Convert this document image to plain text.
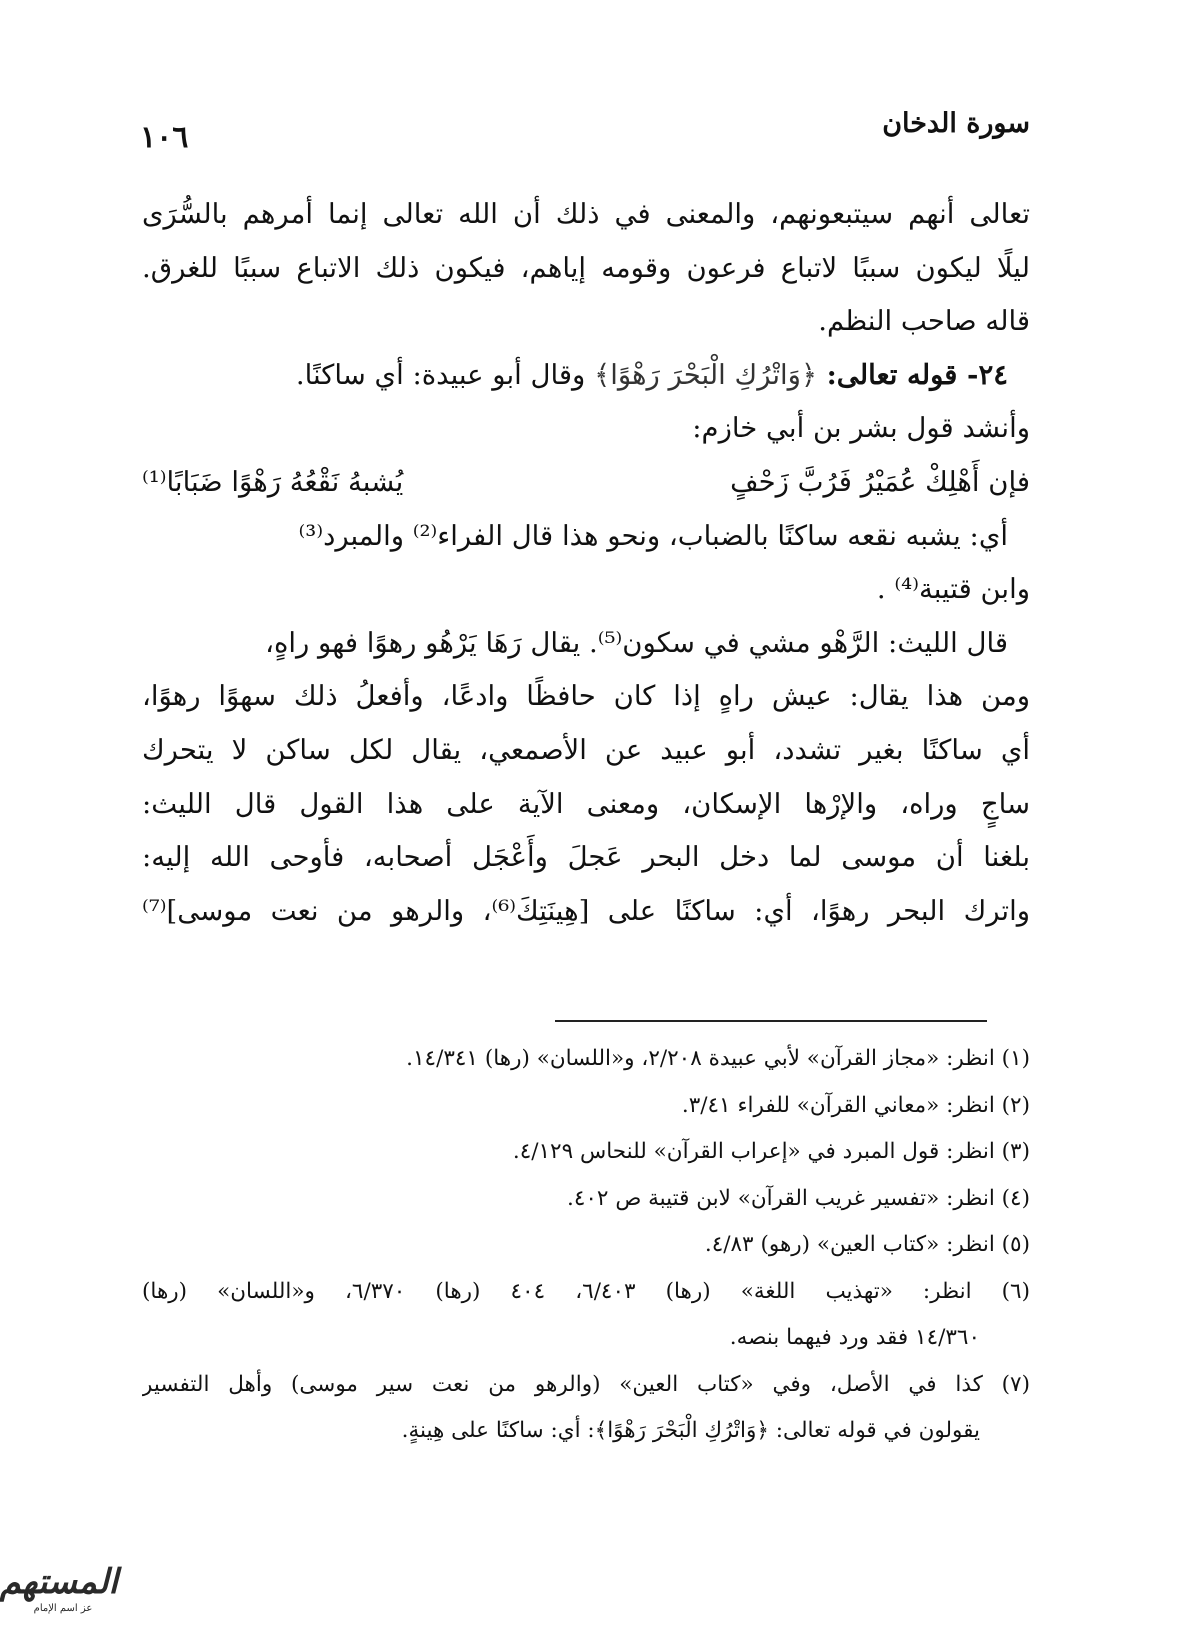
سورة الدخان
١٠٦
تعالى أنهم سيتبعونهم، والمعنى في ذلك أن الله تعالى إنما أمرهم بالسُّرَى
ليلًا ليكون سببًا لاتباع فرعون وقومه إياهم، فيكون ذلك الاتباع سببًا للغرق.
قاله صاحب النظم.
٢٤- قوله تعالى: ﴿وَاتْرُكِ الْبَحْرَ رَهْوًا﴾ وقال أبو عبيدة: أي ساكنًا.
وأنشد قول بشر بن أبي خازم:
فإن أَهْلِكْ عُمَيْرُ فَرُبَّ زَحْفٍ
يُشبهُ نَقْعُهُ رَهْوًا ضَبَابًا⁽¹⁾
أي: يشبه نقعه ساكنًا بالضباب، ونحو هذا قال الفراء⁽²⁾ والمبرد⁽³⁾
وابن قتيبة⁽⁴⁾ .
قال الليث: الرَّهْو مشي في سكون⁽⁵⁾. يقال رَهَا يَرْهُو رهوًا فهو راهٍ،
ومن هذا يقال: عيش راهٍ إذا كان حافظًا وادعًا، وأفعلُ ذلك سهوًا رهوًا،
أي ساكنًا بغير تشدد، أبو عبيد عن الأصمعي، يقال لكل ساكن لا يتحرك
ساجٍ وراه، والإرْها الإسكان، ومعنى الآية على هذا القول قال الليث:
بلغنا أن موسى لما دخل البحر عَجلَ وأَعْجَل أصحابه، فأوحى الله إليه:
واترك البحر رهوًا، أي: ساكنًا على [هِينَتِكَ⁽⁶⁾، والرهو من نعت موسى]⁽⁷⁾
(١) انظر: «مجاز القرآن» لأبي عبيدة ٢/٢٠٨، و«اللسان» (رها) ١٤/٣٤١.
(٢) انظر: «معاني القرآن» للفراء ٣/٤١.
(٣) انظر: قول المبرد في «إعراب القرآن» للنحاس ٤/١٢٩.
(٤) انظر: «تفسير غريب القرآن» لابن قتيبة ص ٤٠٢.
(٥) انظر: «كتاب العين» (رهو) ٤/٨٣.
(٦) انظر: «تهذيب اللغة» (رها) ٦/٤٠٣، ٤٠٤ (رها) ٦/٣٧٠، و«اللسان» (رها)
١٤/٣٦٠ فقد ورد فيهما بنصه.
(٧) كذا في الأصل، وفي «كتاب العين» (والرهو من نعت سير موسى) وأهل التفسير
يقولون في قوله تعالى: ﴿وَاتْرُكِ الْبَحْرَ رَهْوًا﴾: أي: ساكنًا على هِينةٍ.
المستهم
عز اسم الإمام
